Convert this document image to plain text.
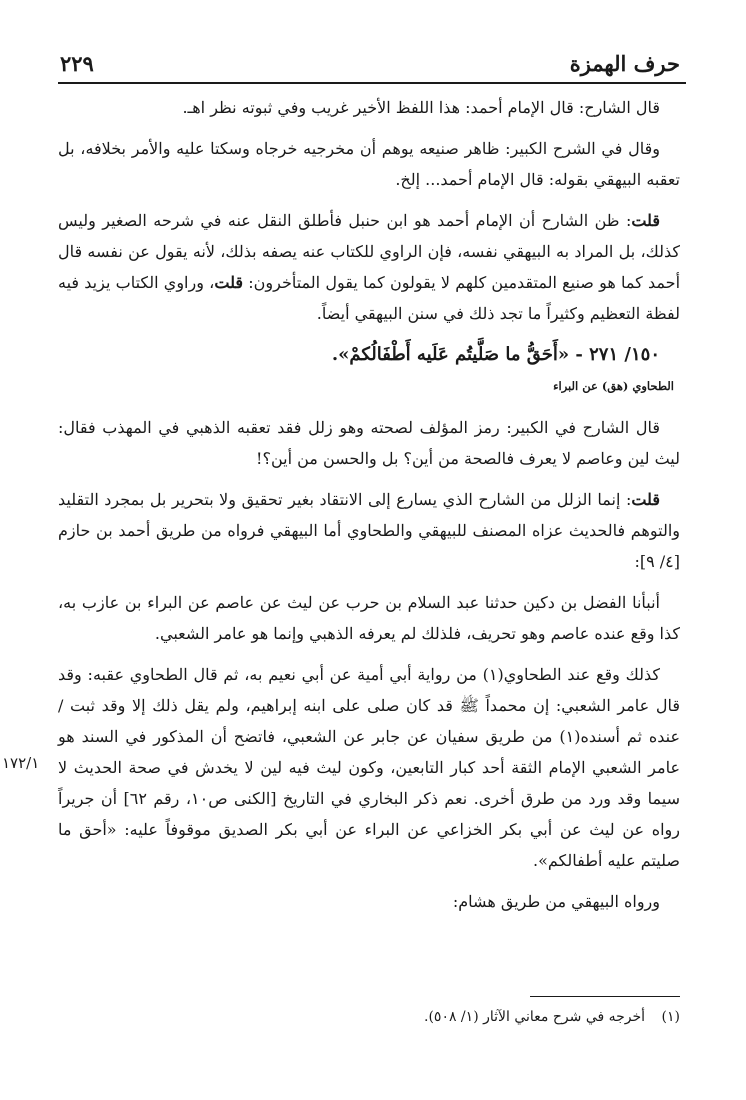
حرف الهمزة
٢٢٩

قال الشارح: قال الإمام أحمد: هذا اللفظ الأخير غريب وفي ثبوته نظر اهـ.

وقال في الشرح الكبير: ظاهر صنيعه يوهم أن مخرجيه خرجاه وسكتا عليه والأمر بخلافه، بل تعقبه البيهقي بقوله: قال الإمام أحمد... إلخ.

قلت: ظن الشارح أن الإمام أحمد هو ابن حنبل فأطلق النقل عنه في شرحه الصغير وليس كذلك، بل المراد به البيهقي نفسه، فإن الراوي للكتاب عنه يصفه بذلك، لأنه يقول عن نفسه قال أحمد كما هو صنيع المتقدمين كلهم لا يقولون كما يقول المتأخرون: قلت، وراوي الكتاب يزيد فيه لفظة التعظيم وكثيراً ما تجد ذلك في سنن البيهقي أيضاً.

١٥٠/ ٢٧١ - «أَحَقُّ ما صَلَّيتُم عَلَيه أَطْفَالُكمْ».
الطحاوي (هق) عن البراء

قال الشارح في الكبير: رمز المؤلف لصحته وهو زلل فقد تعقبه الذهبي في المهذب فقال: ليث لين وعاصم لا يعرف فالصحة من أين؟ بل والحسن من أين؟!

قلت: إنما الزلل من الشارح الذي يسارع إلى الانتقاد بغير تحقيق ولا بتحرير بل بمجرد التقليد والتوهم فالحديث عزاه المصنف للبيهقي والطحاوي أما البيهقي فرواه من طريق أحمد بن حازم [٤/ ٩]:

أنبأنا الفضل بن دكين حدثنا عبد السلام بن حرب عن ليث عن عاصم عن البراء بن عازب به، كذا وقع عنده عاصم وهو تحريف، فلذلك لم يعرفه الذهبي وإنما هو عامر الشعبي.

كذلك وقع عند الطحاوي(١) من رواية أبي أمية عن أبي نعيم به، ثم قال الطحاوي عقبه: وقد قال عامر الشعبي: إن محمداً ﷺ قد كان صلى على ابنه إبراهيم، ولم يقل ذلك إلا وقد ثبت / عنده ثم أسنده(١) من طريق سفيان عن جابر عن الشعبي، فاتضح أن المذكور في السند هو عامر الشعبي الإمام الثقة أحد كبار التابعين، وكون ليث فيه لين لا يخدش في صحة الحديث لا سيما وقد ورد من طرق أخرى. نعم ذكر البخاري في التاريخ [الكنى ص١٠، رقم ٦٢] أن جريراً رواه عن ليث عن أبي بكر الخزاعي عن البراء عن أبي بكر الصديق موقوفاً عليه: «أحق ما صليتم عليه أطفالكم».

ورواه البيهقي من طريق هشام:

١٧٢/١
(١) أخرجه في شرح معاني الآثار (١/ ٥٠٨).
